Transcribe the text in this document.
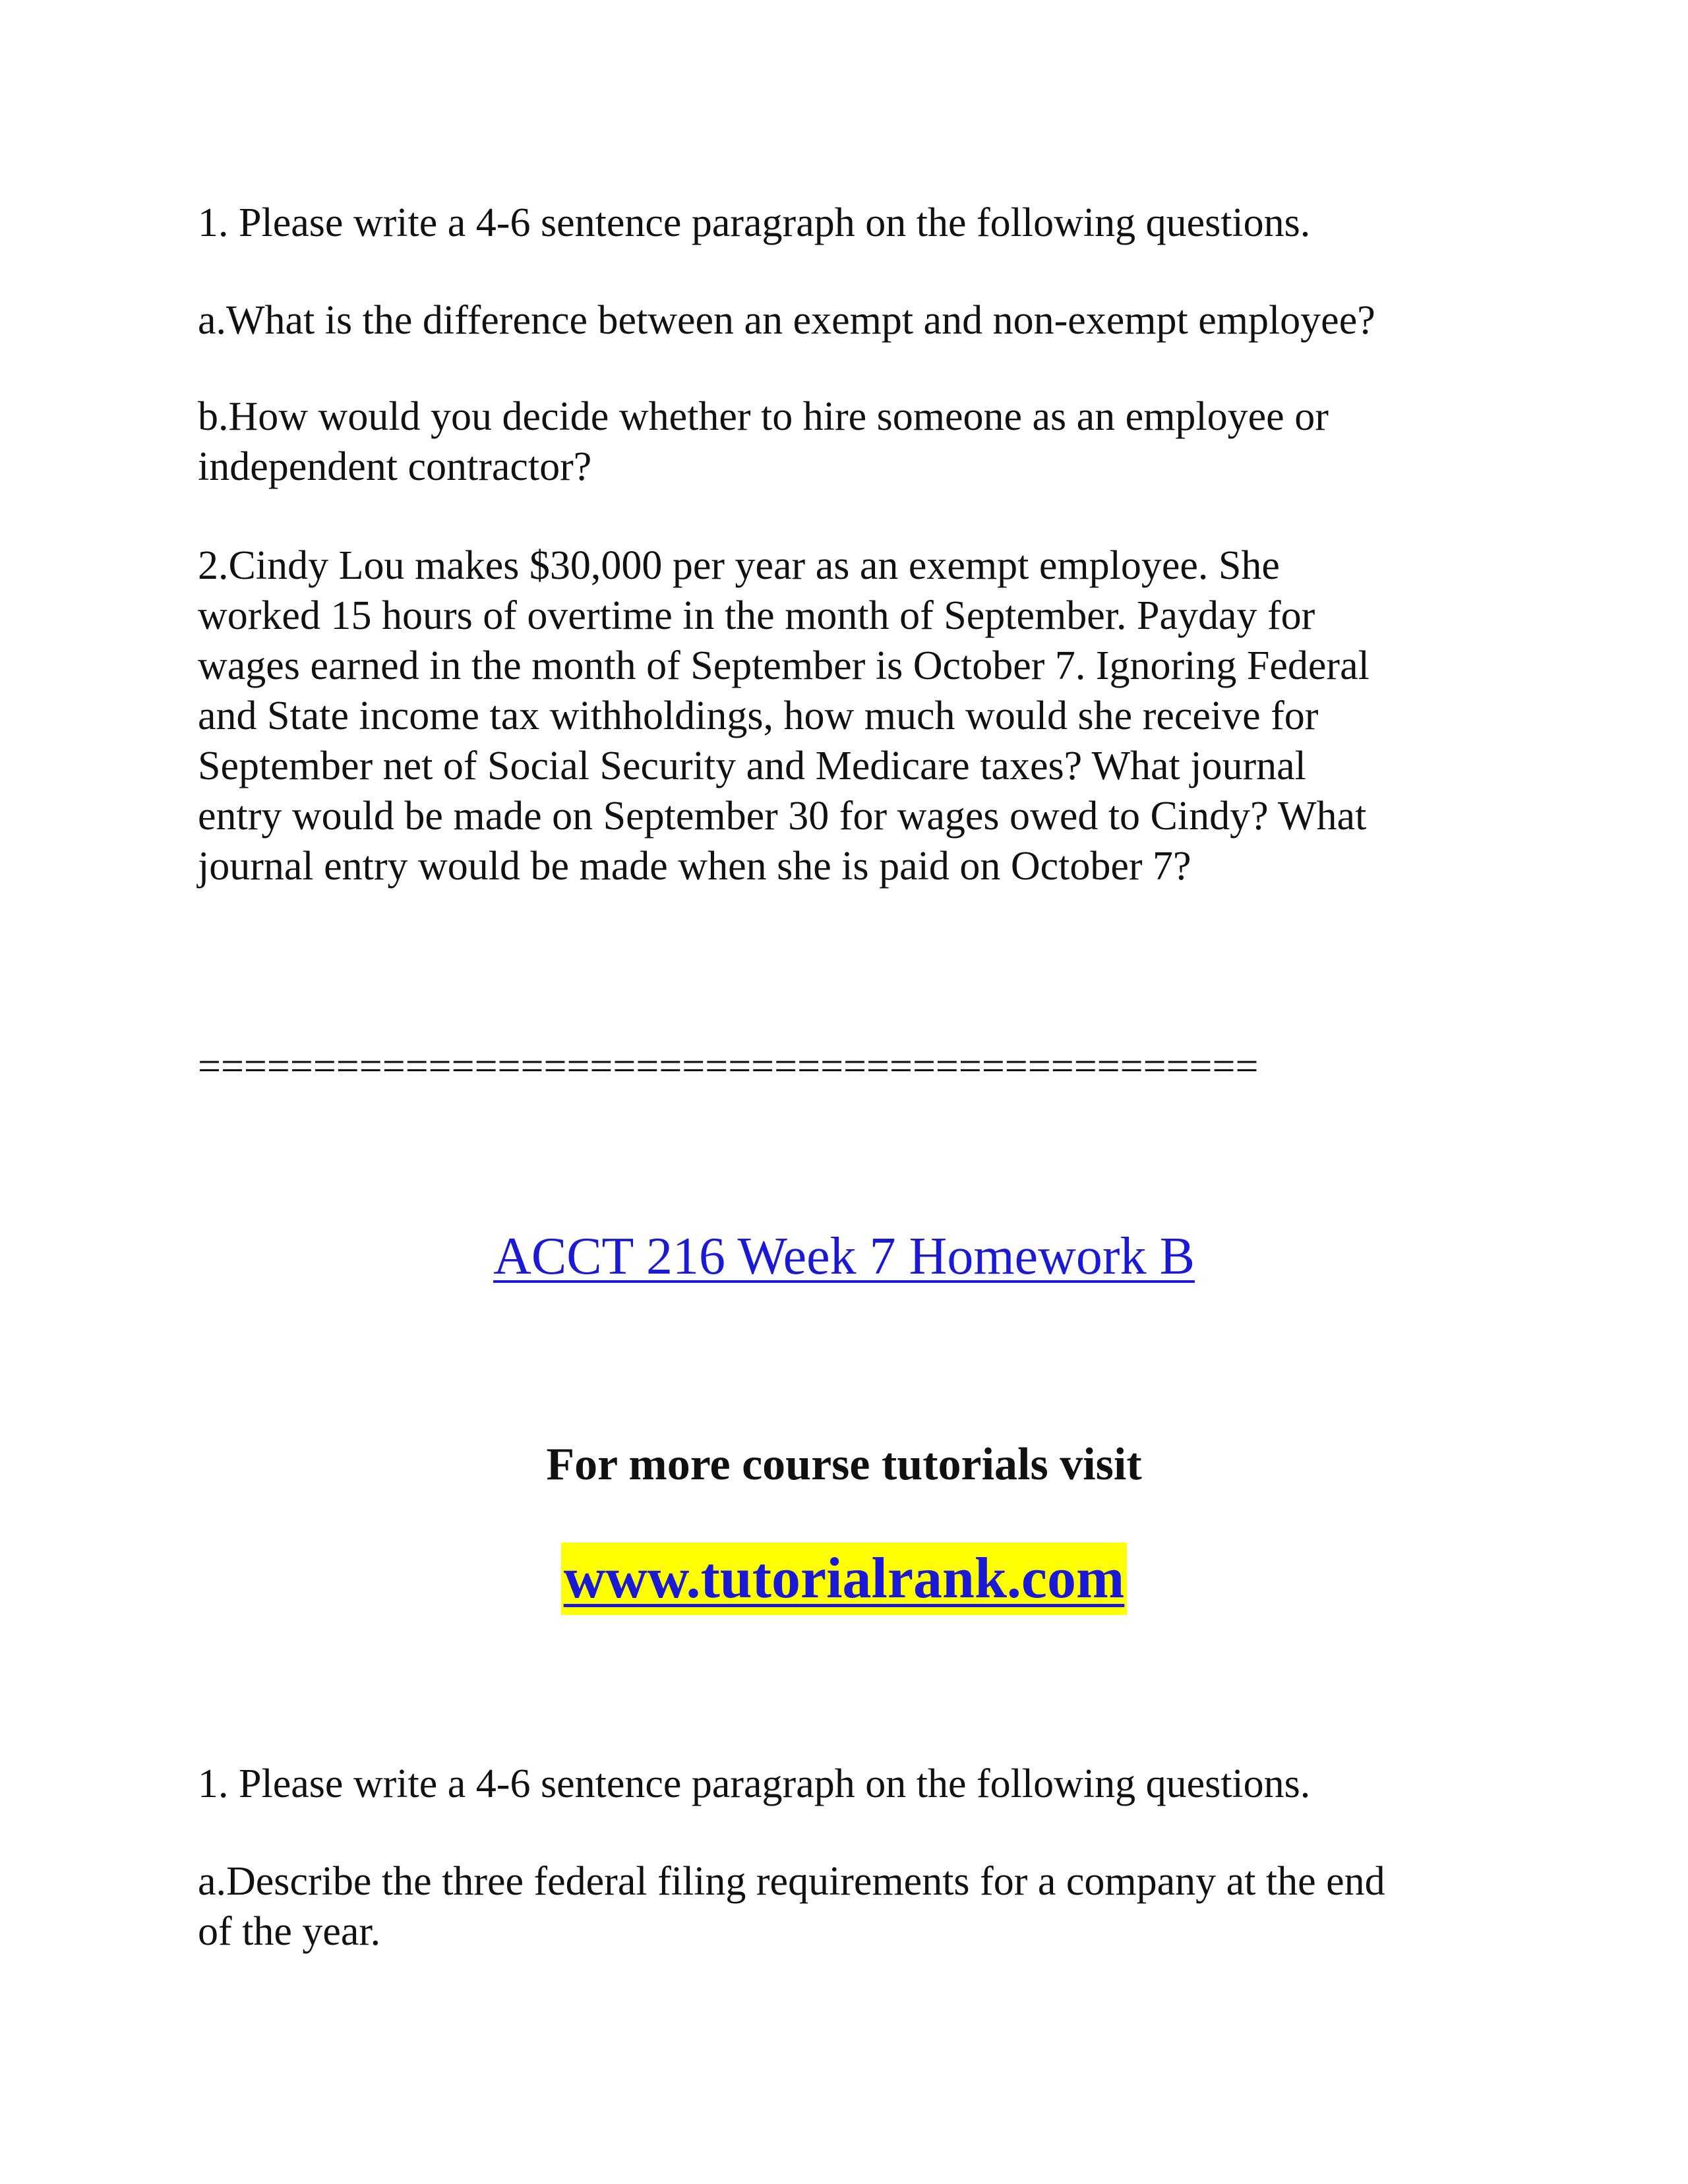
1. Please write a 4-6 sentence paragraph on the following questions.

a.What is the difference between an exempt and non-exempt employee?

b.How would you decide whether to hire someone as an employee or
independent contractor?
2.Cindy Lou makes $30,000 per year as an exempt employee. She
worked 15 hours of overtime in the month of September. Payday for
wages earned in the month of September is October 7. Ignoring Federal
and State income tax withholdings, how much would she receive for
September net of Social Security and Medicare taxes? What journal
entry would be made on September 30 for wages owed to Cindy? What
journal entry would be made when she is paid on October 7?
==============================================
ACCT 216 Week 7 Homework B
For more course tutorials visit
www.tutorialrank.com

1. Please write a 4-6 sentence paragraph on the following questions.

a.Describe the three federal filing requirements for a company at the end
of the year.
